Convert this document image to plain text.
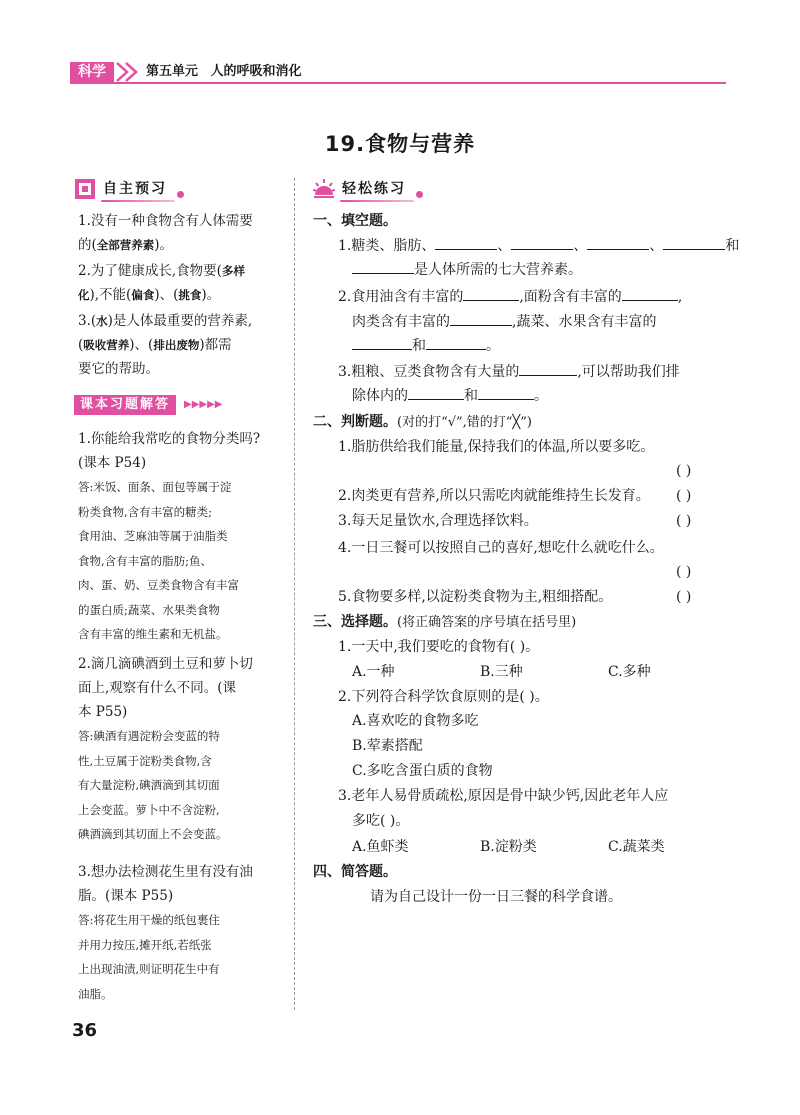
科学	第五单元 人的呼吸和消化
19.食物与营养
自主预习
1.没有一种食物含有人体需要
的(全部营养素)。
2.为了健康成长,食物要(多样
化),不能(偏食)、(挑食)。
3.(水)是人体最重要的营养素,
(吸收营养)、(排出废物)都需
要它的帮助。
课本习题解答	▶▶▶▶▶
1.你能给我常吃的食物分类吗?
(课本 P54)
答:米饭、面条、面包等属于淀
粉类食物,含有丰富的糖类;
食用油、芝麻油等属于油脂类
食物,含有丰富的脂肪;鱼、
肉、蛋、奶、豆类食物含有丰富
的蛋白质;蔬菜、水果类食物
含有丰富的维生素和无机盐。
2.滴几滴碘酒到土豆和萝卜切
面上,观察有什么不同。(课
本 P55)
答:碘酒有遇淀粉会变蓝的特
性,土豆属于淀粉类食物,含
有大量淀粉,碘酒滴到其切面
上会变蓝。萝卜中不含淀粉,
碘酒滴到其切面上不会变蓝。
3.想办法检测花生里有没有油
脂。(课本 P55)
答:将花生用干燥的纸包裹住
并用力按压,摊开纸,若纸张
上出现油渍,则证明花生中有
油脂。
轻松练习
一、填空题。
1.糖类、脂肪、	、	、	、	和
是人体所需的七大营养素。
2.食用油含有丰富的	,面粉含有丰富的	,
肉类含有丰富的	,蔬菜、水果含有丰富的
和	。
3.粗粮、豆类食物含有大量的	,可以帮助我们排
除体内的	和	。
二、判断题。(对的打“√”,错的打“╳”)
1.脂肪供给我们能量,保持我们的体温,所以要多吃。
( )
2.肉类更有营养,所以只需吃肉就能维持生长发育。	( )
3.每天足量饮水,合理选择饮料。	( )
4.一日三餐可以按照自己的喜好,想吃什么就吃什么。
( )
5.食物要多样,以淀粉类食物为主,粗细搭配。	( )
三、选择题。(将正确答案的序号填在括号里)
1.一天中,我们要吃的食物有( )。
A.一种	B.三种	C.多种
2.下列符合科学饮食原则的是( )。
A.喜欢吃的食物多吃
B.荤素搭配
C.多吃含蛋白质的食物
3.老年人易骨质疏松,原因是骨中缺少钙,因此老年人应
多吃( )。
A.鱼虾类	B.淀粉类	C.蔬菜类
四、简答题。
请为自己设计一份一日三餐的科学食谱。
36
